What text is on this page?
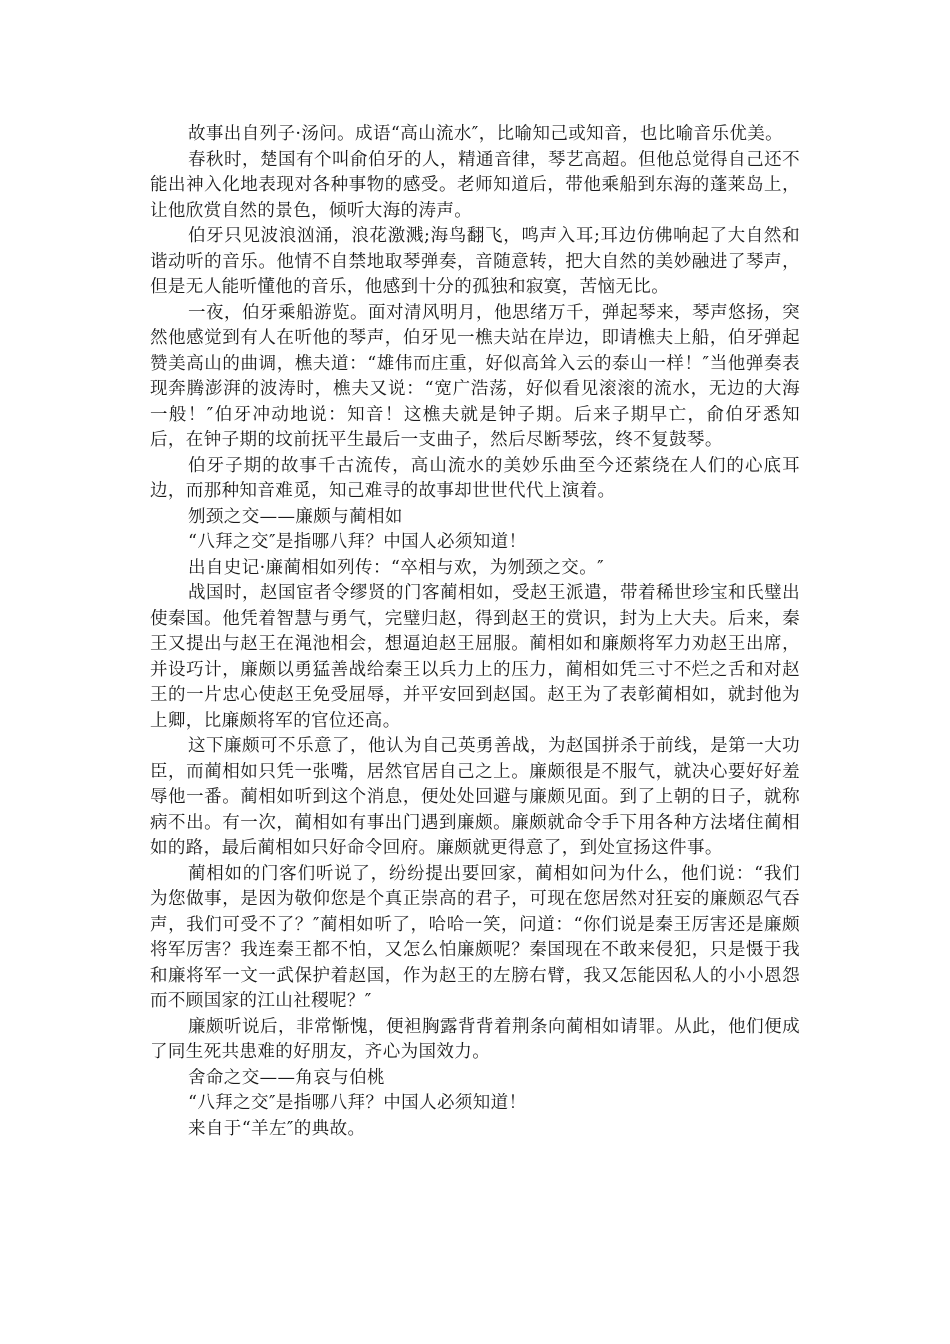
故事出自列子·汤问。成语“高山流水″，比喻知己或知音，也比喻音乐优美。

春秋时，楚国有个叫俞伯牙的人，精通音律，琴艺高超。但他总觉得自己还不能出神入化地表现对各种事物的感受。老师知道后，带他乘船到东海的蓬莱岛上，让他欣赏自然的景色，倾听大海的涛声。

伯牙只见波浪汹涌，浪花激溅;海鸟翻飞，鸣声入耳;耳边仿佛响起了大自然和谐动听的音乐。他情不自禁地取琴弹奏，音随意转，把大自然的美妙融进了琴声，但是无人能听懂他的音乐，他感到十分的孤独和寂寞，苦恼无比。

一夜，伯牙乘船游览。面对清风明月，他思绪万千，弹起琴来，琴声悠扬，突然他感觉到有人在听他的琴声，伯牙见一樵夫站在岸边，即请樵夫上船，伯牙弹起赞美高山的曲调，樵夫道：“雄伟而庄重，好似高耸入云的泰山一样！″当他弹奏表现奔腾澎湃的波涛时，樵夫又说：“宽广浩荡，好似看见滚滚的流水，无边的大海一般！″伯牙冲动地说：知音！这樵夫就是钟子期。后来子期早亡，俞伯牙悉知后，在钟子期的坟前抚平生最后一支曲子，然后尽断琴弦，终不复鼓琴。

伯牙子期的故事千古流传，高山流水的美妙乐曲至今还萦绕在人们的心底耳边，而那种知音难觅，知己难寻的故事却世世代代上演着。

刎颈之交——廉颇与蔺相如

“八拜之交″是指哪八拜？中国人必须知道！

出自史记·廉蔺相如列传：“卒相与欢，为刎颈之交。″

战国时，赵国宦者令缪贤的门客蔺相如，受赵王派遣，带着稀世珍宝和氏璧出使秦国。他凭着智慧与勇气，完璧归赵，得到赵王的赏识，封为上大夫。后来，秦王又提出与赵王在渑池相会，想逼迫赵王屈服。蔺相如和廉颇将军力劝赵王出席，并设巧计，廉颇以勇猛善战给秦王以兵力上的压力，蔺相如凭三寸不烂之舌和对赵王的一片忠心使赵王免受屈辱，并平安回到赵国。赵王为了表彰蔺相如，就封他为上卿，比廉颇将军的官位还高。

这下廉颇可不乐意了，他认为自己英勇善战，为赵国拼杀于前线，是第一大功臣，而蔺相如只凭一张嘴，居然官居自己之上。廉颇很是不服气，就决心要好好羞辱他一番。蔺相如听到这个消息，便处处回避与廉颇见面。到了上朝的日子，就称病不出。有一次，蔺相如有事出门遇到廉颇。廉颇就命令手下用各种方法堵住蔺相如的路，最后蔺相如只好命令回府。廉颇就更得意了，到处宣扬这件事。

蔺相如的门客们听说了，纷纷提出要回家，蔺相如问为什么，他们说：“我们为您做事，是因为敬仰您是个真正崇高的君子，可现在您居然对狂妄的廉颇忍气吞声，我们可受不了？″蔺相如听了，哈哈一笑，问道：“你们说是秦王厉害还是廉颇将军厉害？我连秦王都不怕，又怎么怕廉颇呢？秦国现在不敢来侵犯，只是慑于我和廉将军一文一武保护着赵国，作为赵王的左膀右臂，我又怎能因私人的小小恩怨而不顾国家的江山社稷呢？″

廉颇听说后，非常惭愧，便袒胸露背背着荆条向蔺相如请罪。从此，他们便成了同生死共患难的好朋友，齐心为国效力。

舍命之交——角哀与伯桃

“八拜之交″是指哪八拜？中国人必须知道！

来自于“羊左″的典故。
